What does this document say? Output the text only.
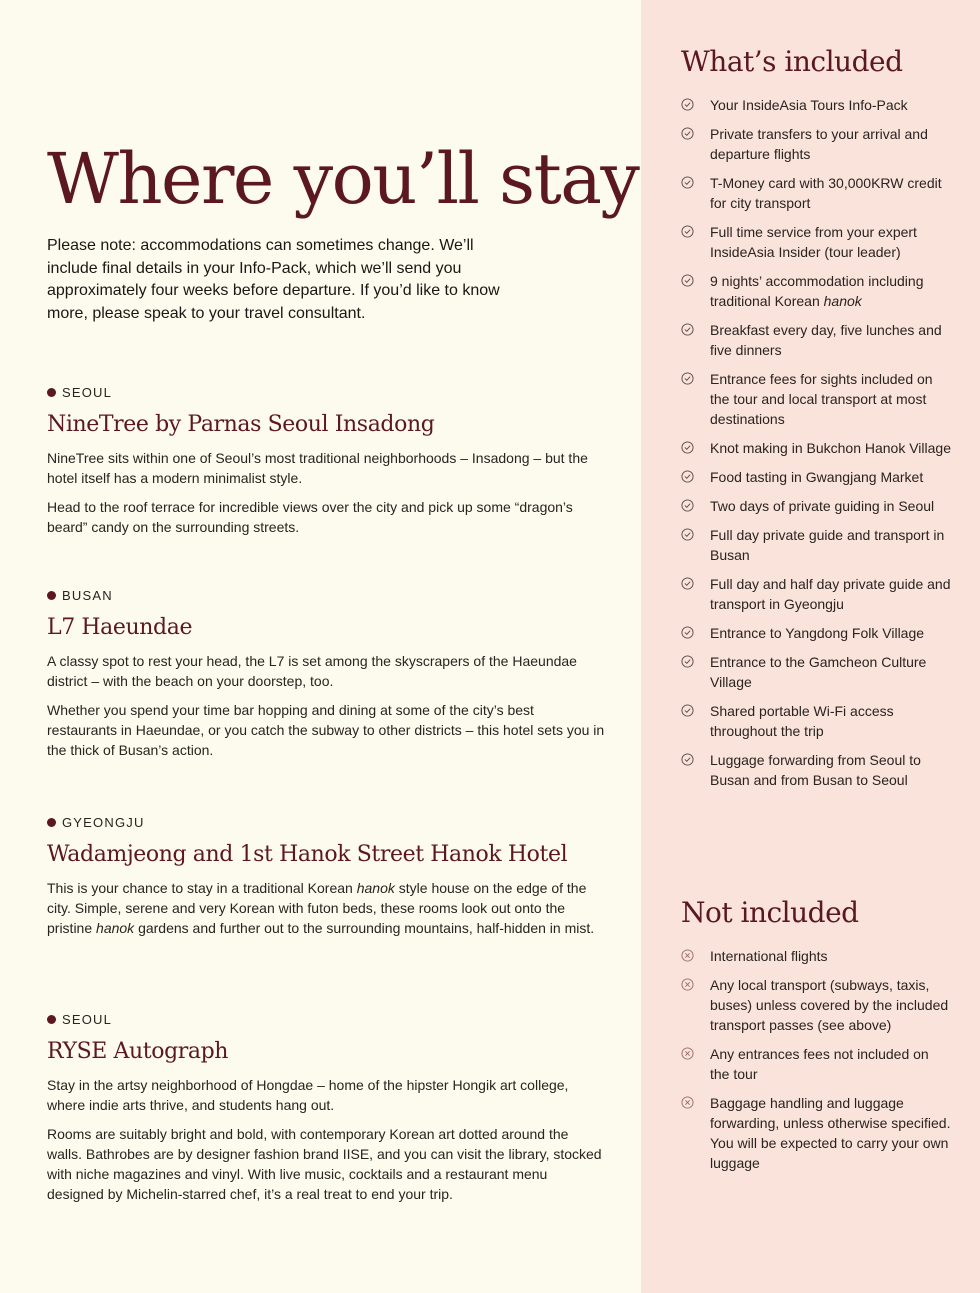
Where you’ll stay

Please note: accommodations can sometimes change. We’ll include final details in your Info-Pack, which we’ll send you approximately four weeks before departure. If you’d like to know more, please speak to your travel consultant.

SEOUL
NineTree by Parnas Seoul Insadong

NineTree sits within one of Seoul’s most traditional neighborhoods – Insadong – but the hotel itself has a modern minimalist style.

Head to the roof terrace for incredible views over the city and pick up some “dragon’s beard” candy on the surrounding streets.

BUSAN
L7 Haeundae

A classy spot to rest your head, the L7 is set among the skyscrapers of the Haeundae district – with the beach on your doorstep, too.

Whether you spend your time bar hopping and dining at some of the city’s best restaurants in Haeundae, or you catch the subway to other districts – this hotel sets you in the thick of Busan’s action.

GYEONGJU
Wadamjeong and 1st Hanok Street Hanok Hotel

This is your chance to stay in a traditional Korean hanok style house on the edge of the city. Simple, serene and very Korean with futon beds, these rooms look out onto the pristine hanok gardens and further out to the surrounding mountains, half-hidden in mist.

SEOUL
RYSE Autograph

Stay in the artsy neighborhood of Hongdae – home of the hipster Hongik art college, where indie arts thrive, and students hang out.

Rooms are suitably bright and bold, with contemporary Korean art dotted around the walls. Bathrobes are by designer fashion brand IISE, and you can visit the library, stocked with niche magazines and vinyl. With live music, cocktails and a restaurant menu designed by Michelin-starred chef, it’s a real treat to end your trip.

What’s included
Your InsideAsia Tours Info-Pack
Private transfers to your arrival and departure flights
T-Money card with 30,000KRW credit for city transport
Full time service from your expert InsideAsia Insider (tour leader)
9 nights’ accommodation including traditional Korean hanok
Breakfast every day, five lunches and five dinners
Entrance fees for sights included on the tour and local transport at most destinations
Knot making in Bukchon Hanok Village
Food tasting in Gwangjang Market
Two days of private guiding in Seoul
Full day private guide and transport in Busan
Full day and half day private guide and transport in Gyeongju
Entrance to Yangdong Folk Village
Entrance to the Gamcheon Culture Village
Shared portable Wi-Fi access throughout the trip
Luggage forwarding from Seoul to Busan and from Busan to Seoul
Not included
International flights
Any local transport (subways, taxis, buses) unless covered by the included transport passes (see above)
Any entrances fees not included on the tour
Baggage handling and luggage forwarding, unless otherwise specified. You will be expected to carry your own luggage
